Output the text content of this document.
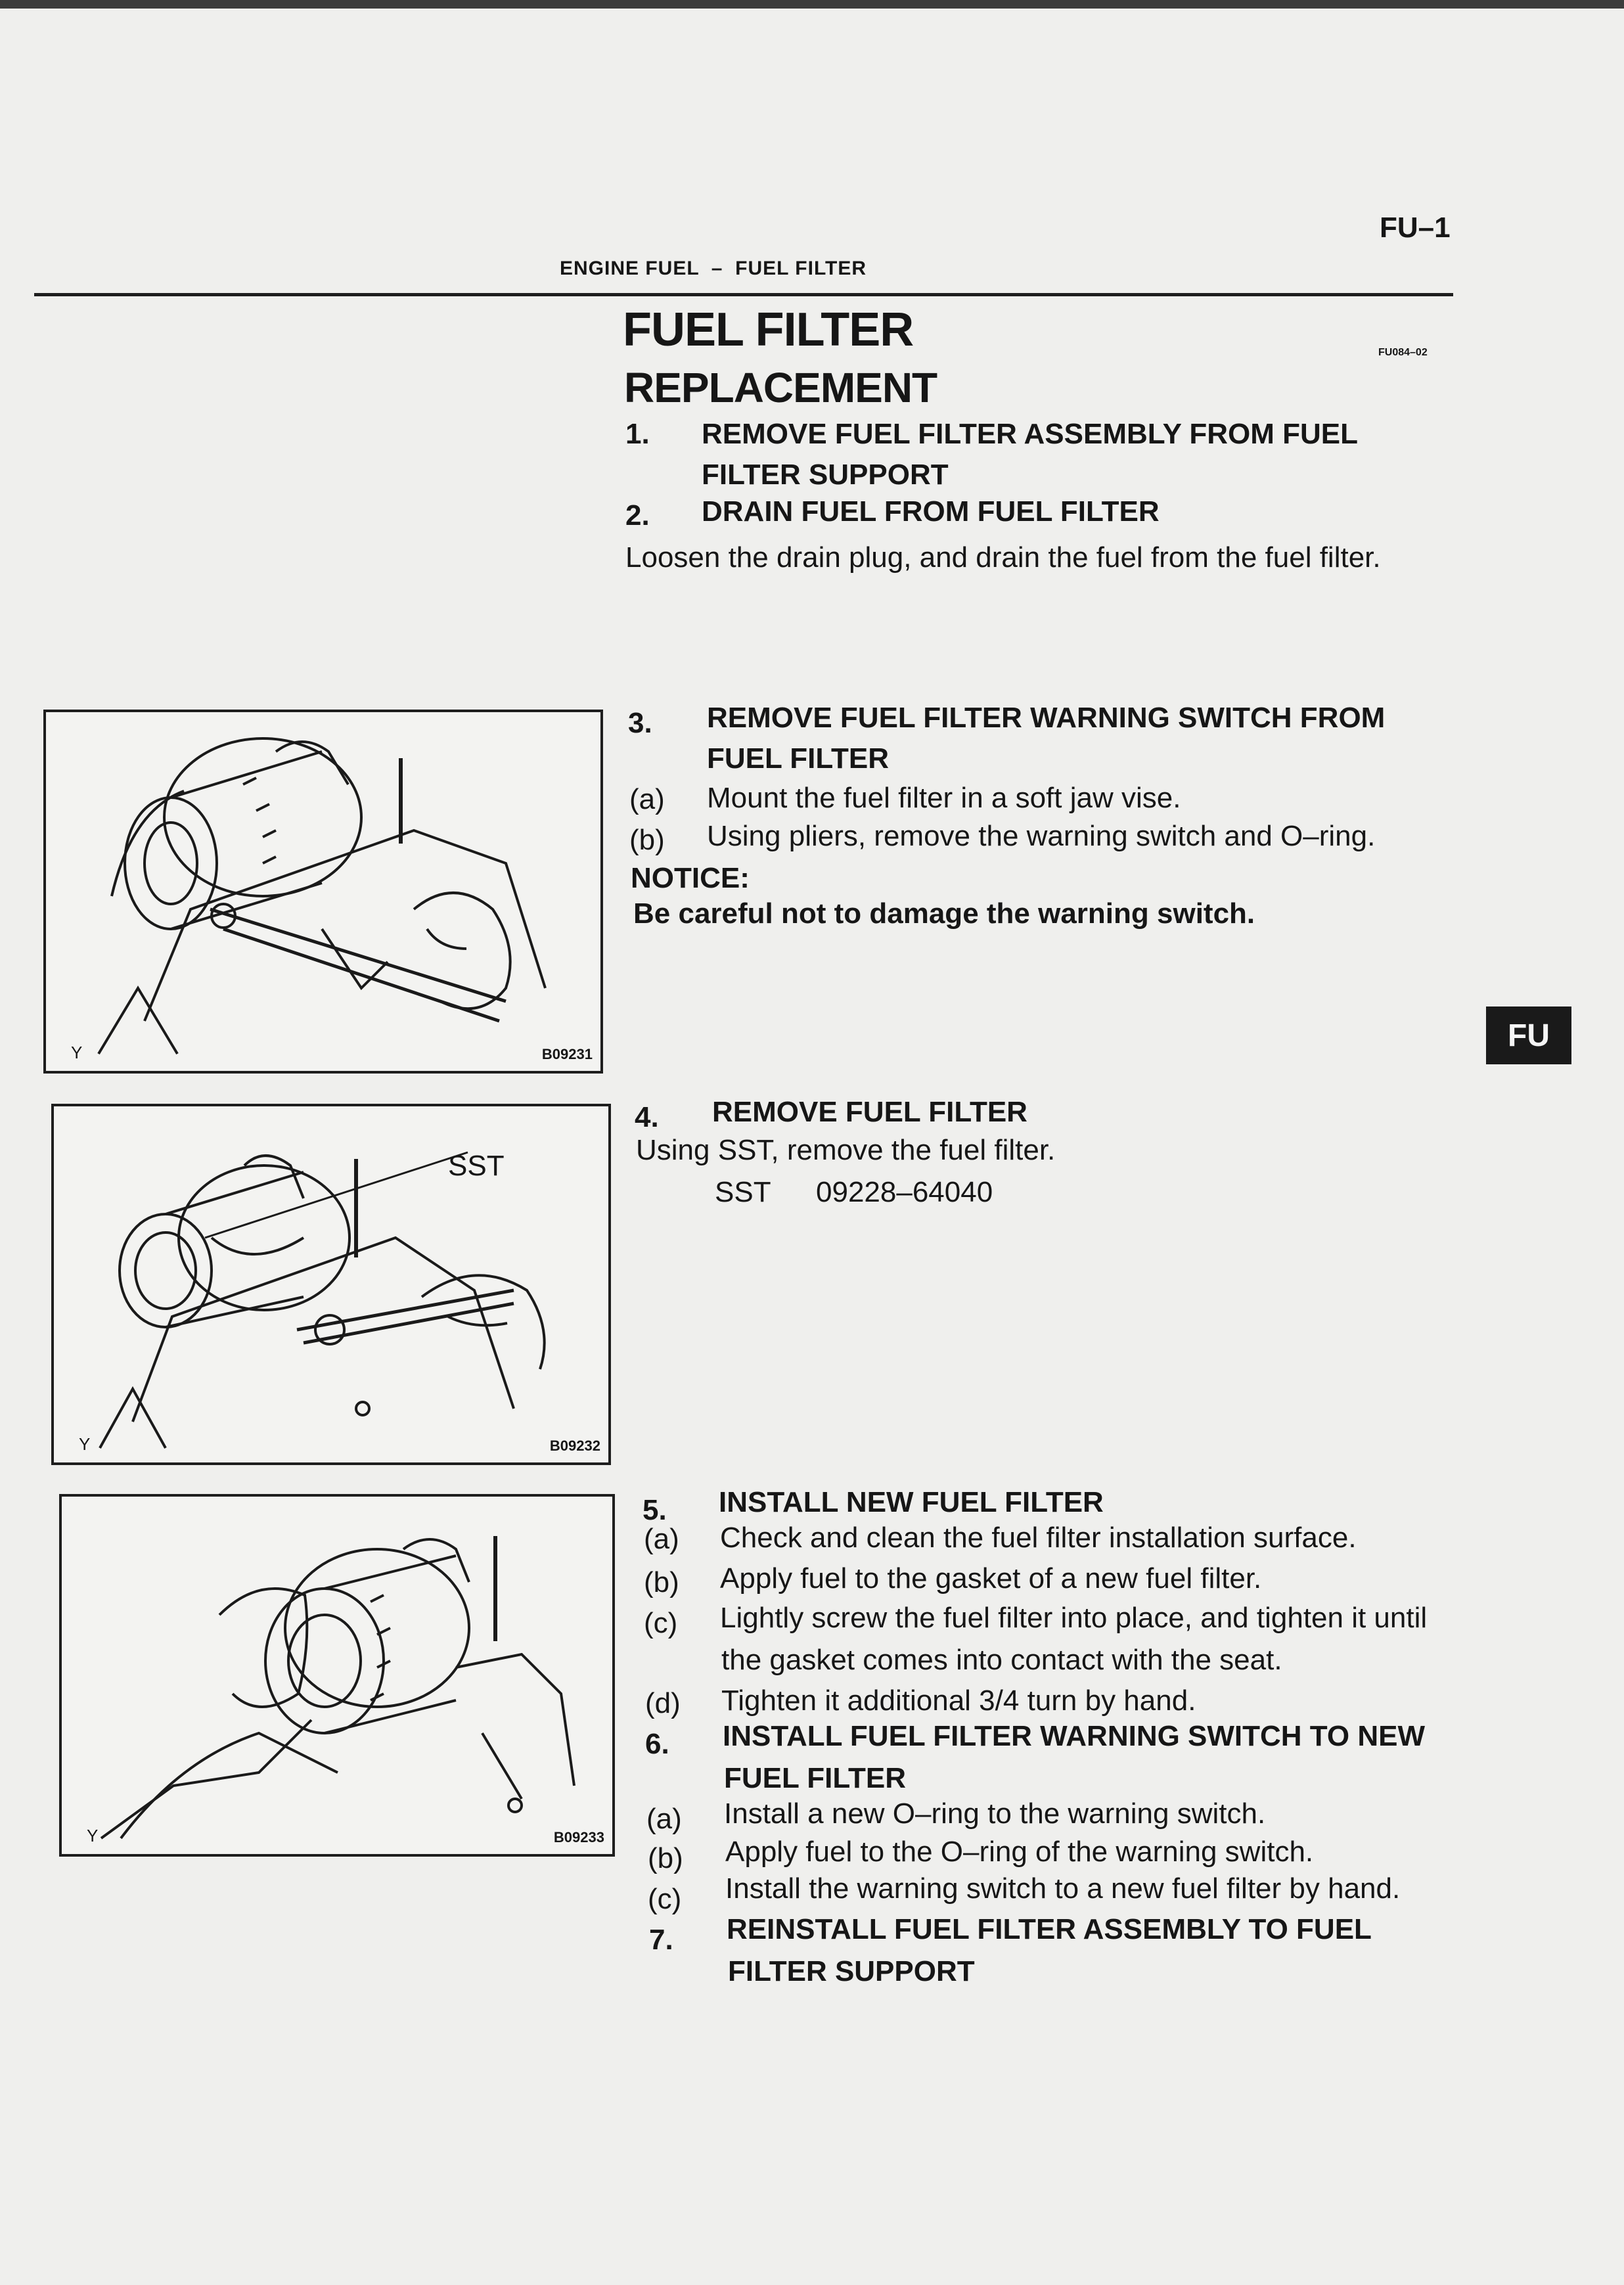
FU–1
ENGINE FUEL  –  FUEL FILTER
FU084–02
FUEL FILTER
REPLACEMENT
1. REMOVE FUEL FILTER ASSEMBLY FROM FUEL
FILTER SUPPORT
2. DRAIN FUEL FROM FUEL FILTER
Loosen the drain plug, and drain the fuel from the fuel filter.
3. REMOVE FUEL FILTER WARNING SWITCH FROM
FUEL FILTER
(a) Mount the fuel filter in a soft jaw vise.
(b) Using pliers, remove the warning switch and O–ring.
NOTICE:
Be careful not to damage the warning switch.
4. REMOVE FUEL FILTER
Using SST, remove the fuel filter.
SST 09228–64040
5. INSTALL NEW FUEL FILTER
(a) Check and clean the fuel filter installation surface.
(b) Apply fuel to the gasket of a new fuel filter.
(c) Lightly screw the fuel filter into place, and tighten it until
the gasket comes into contact with the seat.
(d) Tighten it additional 3/4 turn by hand.
6. INSTALL FUEL FILTER WARNING SWITCH TO NEW
FUEL FILTER
(a) Install a new O–ring to the warning switch.
(b) Apply fuel to the O–ring of the warning switch.
(c) Install the warning switch to a new fuel filter by hand.
7. REINSTALL FUEL FILTER ASSEMBLY TO FUEL
FILTER SUPPORT
FU
Y	B09231
SST
Y	B09232
Y	B09233
